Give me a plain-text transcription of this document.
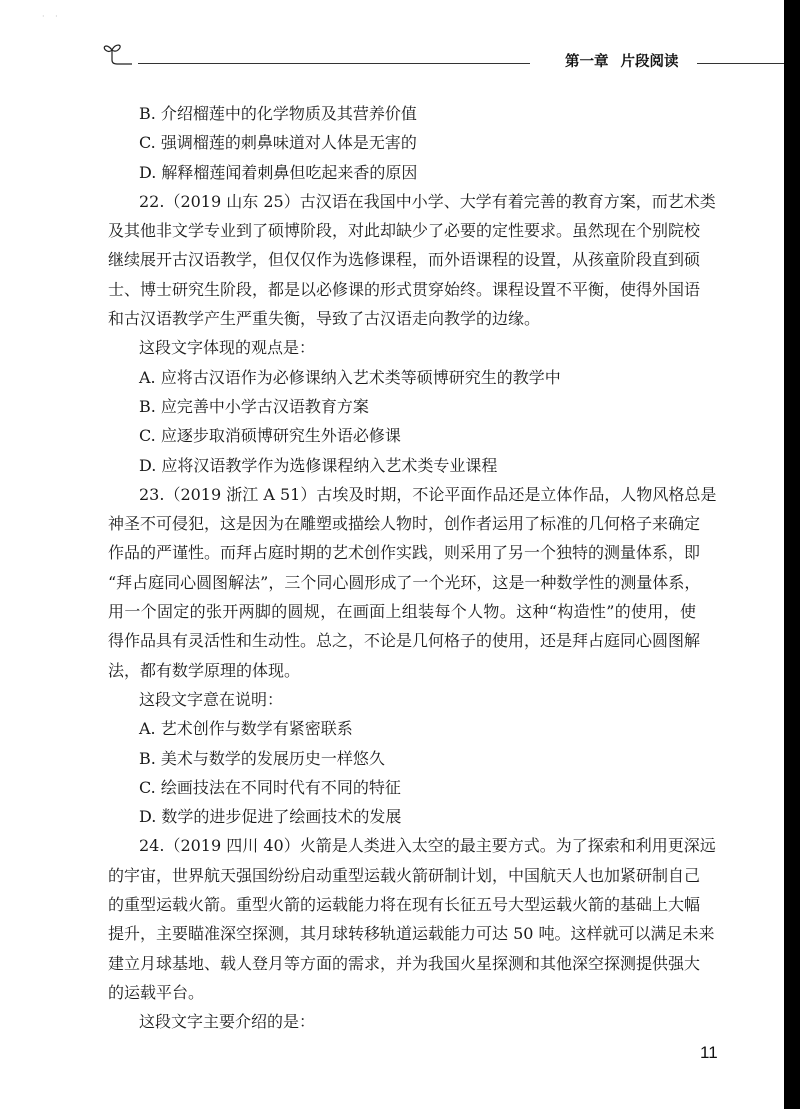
· ·
第一章 片段阅读
B. 介绍榴莲中的化学物质及其营养价值
C. 强调榴莲的刺鼻味道对人体是无害的
D. 解释榴莲闻着刺鼻但吃起来香的原因
22.（2019 山东 25）古汉语在我国中小学、大学有着完善的教育方案，而艺术类
及其他非文学专业到了硕博阶段，对此却缺少了必要的定性要求。虽然现在个别院校
继续展开古汉语教学，但仅仅作为选修课程，而外语课程的设置，从孩童阶段直到硕
士、博士研究生阶段，都是以必修课的形式贯穿始终。课程设置不平衡，使得外国语
和古汉语教学产生严重失衡，导致了古汉语走向教学的边缘。
这段文字体现的观点是：
A. 应将古汉语作为必修课纳入艺术类等硕博研究生的教学中
B. 应完善中小学古汉语教育方案
C. 应逐步取消硕博研究生外语必修课
D. 应将汉语教学作为选修课程纳入艺术类专业课程
23.（2019 浙江 A 51）古埃及时期，不论平面作品还是立体作品，人物风格总是
神圣不可侵犯，这是因为在雕塑或描绘人物时，创作者运用了标准的几何格子来确定
作品的严谨性。而拜占庭时期的艺术创作实践，则采用了另一个独特的测量体系，即
“拜占庭同心圆图解法”，三个同心圆形成了一个光环，这是一种数学性的测量体系，
用一个固定的张开两脚的圆规，在画面上组装每个人物。这种“构造性”的使用，使
得作品具有灵活性和生动性。总之，不论是几何格子的使用，还是拜占庭同心圆图解
法，都有数学原理的体现。
这段文字意在说明：
A. 艺术创作与数学有紧密联系
B. 美术与数学的发展历史一样悠久
C. 绘画技法在不同时代有不同的特征
D. 数学的进步促进了绘画技术的发展
24.（2019 四川 40）火箭是人类进入太空的最主要方式。为了探索和利用更深远
的宇宙，世界航天强国纷纷启动重型运载火箭研制计划，中国航天人也加紧研制自己
的重型运载火箭。重型火箭的运载能力将在现有长征五号大型运载火箭的基础上大幅
提升，主要瞄准深空探测，其月球转移轨道运载能力可达 50 吨。这样就可以满足未来
建立月球基地、载人登月等方面的需求，并为我国火星探测和其他深空探测提供强大
的运载平台。
这段文字主要介绍的是：
11
